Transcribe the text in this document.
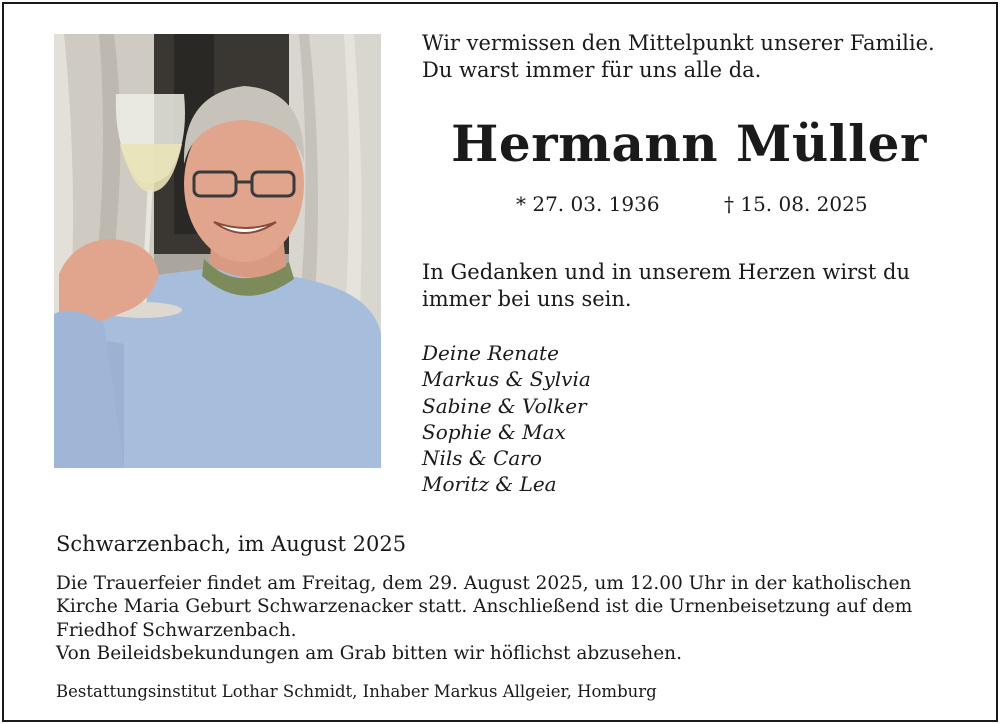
Wir vermissen den Mittelpunkt unserer Familie.
Du warst immer für uns alle da.
Hermann Müller
* 27. 03. 1936	† 15. 08. 2025
In Gedanken und in unserem Herzen wirst du
immer bei uns sein.
Deine Renate
Markus & Sylvia
Sabine & Volker
Sophie & Max
Nils & Caro
Moritz & Lea
Schwarzenbach, im August 2025
Die Trauerfeier findet am Freitag, dem 29. August 2025, um 12.00 Uhr in der katholischen
Kirche Maria Geburt Schwarzenacker statt. Anschließend ist die Urnenbeisetzung auf dem
Friedhof Schwarzenbach.
Von Beileidsbekundungen am Grab bitten wir höflichst abzusehen.
Bestattungsinstitut Lothar Schmidt, Inhaber Markus Allgeier, Homburg
